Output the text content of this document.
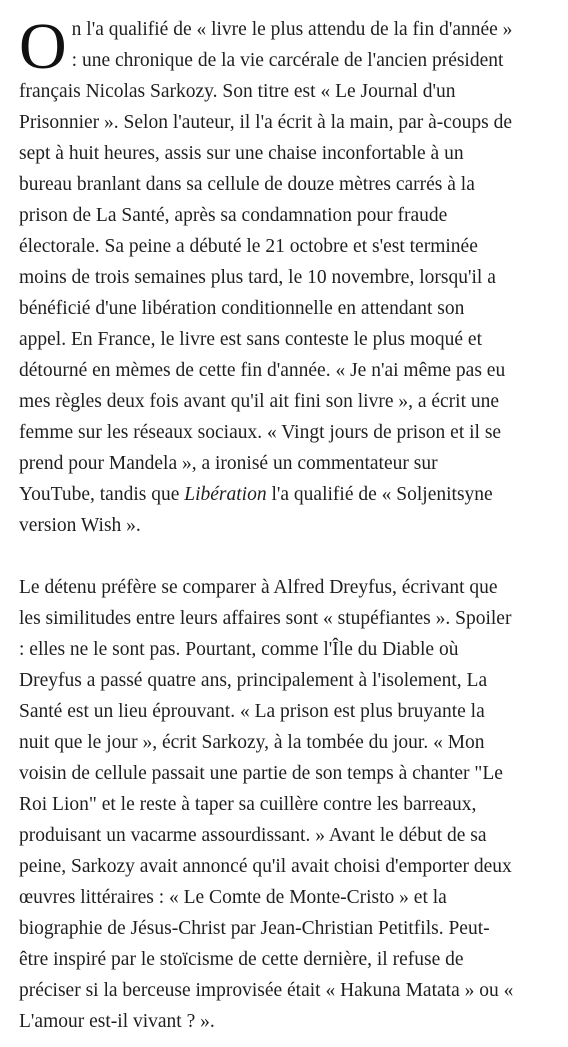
O n l'a qualifié de « livre le plus attendu de la fin d'année »
: une chronique de la vie carcérale de l'ancien président
français Nicolas Sarkozy. Son titre est « Le Journal d'un
Prisonnier ». Selon l'auteur, il l'a écrit à la main, par à-coups de
sept à huit heures, assis sur une chaise inconfortable à un
bureau branlant dans sa cellule de douze mètres carrés à la
prison de La Santé, après sa condamnation pour fraude
électorale. Sa peine a débuté le 21 octobre et s'est terminée
moins de trois semaines plus tard, le 10 novembre, lorsqu'il a
bénéficié d'une libération conditionnelle en attendant son
appel. En France, le livre est sans conteste le plus moqué et
détourné en mèmes de cette fin d'année. « Je n'ai même pas eu
mes règles deux fois avant qu'il ait fini son livre », a écrit une
femme sur les réseaux sociaux. « Vingt jours de prison et il se
prend pour Mandela », a ironisé un commentateur sur
YouTube, tandis que Libération l'a qualifié de « Soljenitsyne
version Wish ».

Le détenu préfère se comparer à Alfred Dreyfus, écrivant que
les similitudes entre leurs affaires sont « stupéfiantes ». Spoiler
: elles ne le sont pas. Pourtant, comme l'Île du Diable où
Dreyfus a passé quatre ans, principalement à l'isolement, La
Santé est un lieu éprouvant. « La prison est plus bruyante la
nuit que le jour », écrit Sarkozy, à la tombée du jour. « Mon
voisin de cellule passait une partie de son temps à chanter "Le
Roi Lion" et le reste à taper sa cuillère contre les barreaux,
produisant un vacarme assourdissant. » Avant le début de sa
peine, Sarkozy avait annoncé qu'il avait choisi d'emporter deux
œuvres littéraires : « Le Comte de Monte-Cristo » et la
biographie de Jésus-Christ par Jean-Christian Petitfils. Peut-
être inspiré par le stoïcisme de cette dernière, il refuse de
préciser si la berceuse improvisée était « Hakuna Matata » ou «
L'amour est-il vivant ? ».
